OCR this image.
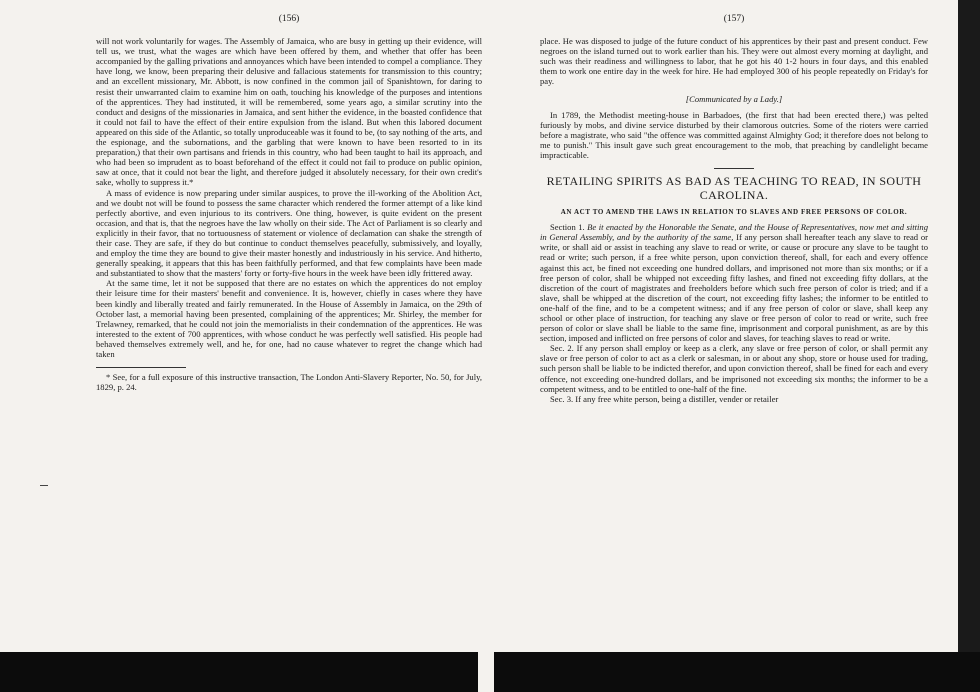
(156)

will not work voluntarily for wages. The Assembly of Jamaica, who are busy in getting up their evidence, will tell us, we trust, what the wages are which have been offered by them, and whether that offer has been accompanied by the galling privations and annoyances which have been intended to compel a compliance. They have long, we know, been preparing their delusive and fallacious statements for transmission to this country; and an excellent missionary, Mr. Abbott, is now confined in the common jail of Spanishtown, for daring to resist their unwarranted claim to examine him on oath, touching his knowledge of the purposes and intentions of the apprentices. They had instituted, it will be remembered, some years ago, a similar scrutiny into the conduct and designs of the missionaries in Jamaica, and sent hither the evidence, in the boasted confidence that it could not fail to have the effect of their entire expulsion from the island. But when this labored document appeared on this side of the Atlantic, so totally unproduceable was it found to be, (to say nothing of the arts, and the espionage, and the subornations, and the garbling that were known to have been resorted to in its preparation,) that their own partisans and friends in this country, who had been taught to hail its approach, and who had been so imprudent as to boast beforehand of the effect it could not fail to produce on public opinion, saw at once, that it could not bear the light, and therefore judged it absolutely necessary, for their own credit's sake, wholly to suppress it.*

A mass of evidence is now preparing under similar auspices, to prove the ill-working of the Abolition Act, and we doubt not will be found to possess the same character which rendered the former attempt of a like kind perfectly abortive, and even injurious to its contrivers. One thing, however, is quite evident on the present occasion, and that is, that the negroes have the law wholly on their side. The Act of Parliament is so clearly and explicitly in their favor, that no tortuousness of statement or violence of declamation can shake the strength of their case. They are safe, if they do but continue to conduct themselves peacefully, submissively, and loyally, and employ the time they are bound to give their master honestly and industriously in his service. And hitherto, generally speaking, it appears that this has been faithfully performed, and that few complaints have been made and substantiated to show that the masters' forty or forty-five hours in the week have been idly frittered away.

At the same time, let it not be supposed that there are no estates on which the apprentices do not employ their leisure time for their masters' benefit and convenience. It is, however, chiefly in cases where they have been kindly and liberally treated and fairly remunerated. In the House of Assembly in Jamaica, on the 29th of October last, a memorial having been presented, complaining of the apprentices; Mr. Shirley, the member for Trelawney, remarked, that he could not join the memorialists in their condemnation of the apprentices. He was interested to the extent of 700 apprentices, with whose conduct he was perfectly well satisfied. His people had behaved themselves extremely well, and he, for one, had no cause whatever to regret the change which had taken

* See, for a full exposure of this instructive transaction, The London Anti-Slavery Reporter, No. 50, for July, 1829, p. 24.

(157)

place. He was disposed to judge of the future conduct of his apprentices by their past and present conduct. Few negroes on the island turned out to work earlier than his. They were out almost every morning at daylight, and such was their readiness and willingness to labor, that he got his 40 1-2 hours in four days, and this enabled them to work one entire day in the week for hire. He had employed 300 of his people repeatedly on Friday's for pay.

[Communicated by a Lady.]

In 1789, the Methodist meeting-house in Barbadoes, (the first that had been erected there,) was pelted furiously by mobs, and divine service disturbed by their clamorous outcries. Some of the rioters were carried before a magistrate, who said "the offence was committed against Almighty God; it therefore does not belong to me to punish." This insult gave such great encouragement to the mob, that preaching by candlelight became impracticable.

RETAILING SPIRITS AS BAD AS TEACHING TO READ, IN SOUTH CAROLINA.
AN ACT TO AMEND THE LAWS IN RELATION TO SLAVES AND FREE PERSONS OF COLOR.

Section 1. Be it enacted by the Honorable the Senate, and the House of Representatives, now met and sitting in General Assembly, and by the authority of the same, If any person shall hereafter teach any slave to read or write, or shall aid or assist in teaching any slave to read or write, or cause or procure any slave to be taught to read or write; such person, if a free white person, upon conviction thereof, shall, for each and every offence against this act, be fined not exceeding one hundred dollars, and imprisoned not more than six months; or if a free person of color, shall be whipped not exceeding fifty lashes, and fined not exceeding fifty dollars, at the discretion of the court of magistrates and freeholders before which such free person of color is tried; and if a slave, shall be whipped at the discretion of the court, not exceeding fifty lashes; the informer to be entitled to one-half of the fine, and to be a competent witness; and if any free person of color or slave, shall keep any school or other place of instruction, for teaching any slave or free person of color to read or write, such free person of color or slave shall be liable to the same fine, imprisonment and corporal punishment, as are by this section, imposed and inflicted on free persons of color and slaves, for teaching slaves to read or write.

Sec. 2. If any person shall employ or keep as a clerk, any slave or free person of color, or shall permit any slave or free person of color to act as a clerk or salesman, in or about any shop, store or house used for trading, such person shall be liable to be indicted therefor, and upon conviction thereof, shall be fined for each and every offence, not exceeding one-hundred dollars, and be imprisoned not exceeding six months; the informer to be a competent witness, and to be entitled to one-half of the fine.

Sec. 3. If any free white person, being a distiller, vender or retailer
